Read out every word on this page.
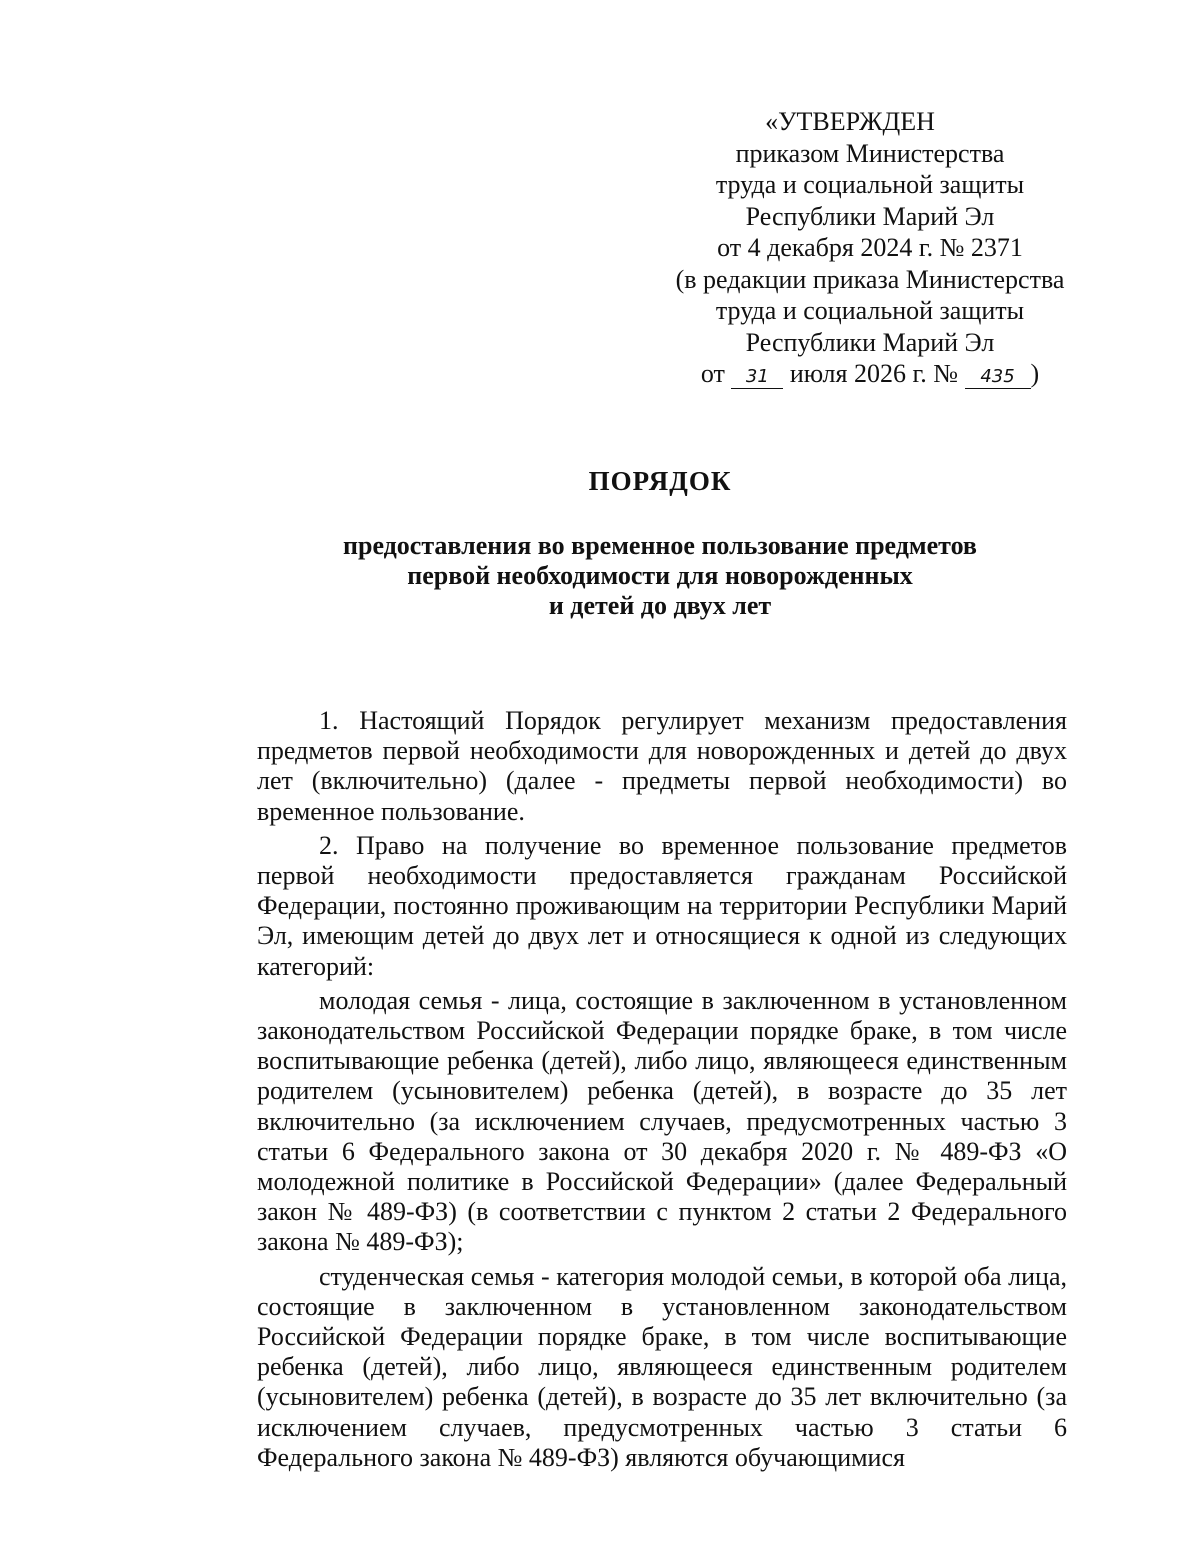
«УТВЕРЖДЕН
приказом Министерства
труда и социальной защиты
Республики Марий Эл
от 4 декабря 2024 г. № 2371
(в редакции приказа Министерства
труда и социальной защиты
Республики Марий Эл
от 31 июля 2026 г. № 435 )
ПОРЯДОК
предоставления во временное пользование предметов
первой необходимости для новорожденных
и детей до двух лет

1. Настоящий Порядок регулирует механизм предоставления предметов первой необходимости для новорожденных и детей до двух лет (включительно) (далее - предметы первой необходимости) во временное пользование.

2. Право на получение во временное пользование предметов первой необходимости предоставляется гражданам Российской Федерации, постоянно проживающим на территории Республики Марий Эл, имеющим детей до двух лет и относящиеся к одной из следующих категорий:

молодая семья - лица, состоящие в заключенном в установленном законодательством Российской Федерации порядке браке, в том числе воспитывающие ребенка (детей), либо лицо, являющееся единственным родителем (усыновителем) ребенка (детей), в возрасте до 35 лет включительно (за исключением случаев, предусмотренных частью 3 статьи 6 Федерального закона от 30 декабря 2020 г. № 489-ФЗ «О молодежной политике в Российской Федерации» (далее Федеральный закон № 489-ФЗ) (в соответствии с пунктом 2 статьи 2 Федерального закона № 489-ФЗ);

студенческая семья - категория молодой семьи, в которой оба лица, состоящие в заключенном в установленном законодательством Российской Федерации порядке браке, в том числе воспитывающие ребенка (детей), либо лицо, являющееся единственным родителем (усыновителем) ребенка (детей), в возрасте до 35 лет включительно (за исключением случаев, предусмотренных частью 3 статьи 6 Федерального закона № 489-ФЗ) являются обучающимися
